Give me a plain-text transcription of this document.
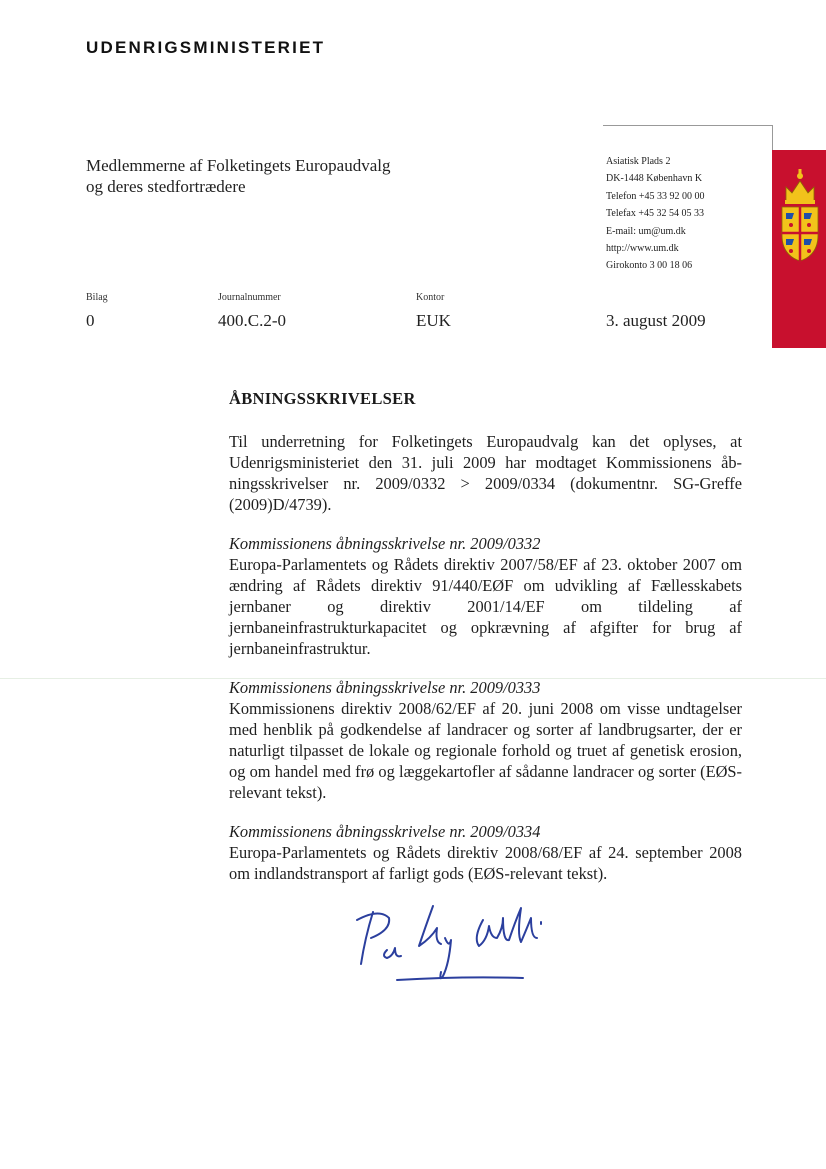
UDENRIGSMINISTERIET
Medlemmerne af Folketingets Europaudvalg
og deres stedfortrædere
Asiatisk Plads 2
DK-1448 København K
Telefon +45 33 92 00 00
Telefax +45 32 54 05 33
E-mail: um@um.dk
http://www.um.dk
Girokonto 3 00 18 06
Bilag
0
Journalnummer
400.C.2-0
Kontor
EUK	3. august 2009
ÅBNINGSSKRIVELSER
Til underretning for Folketingets Europaudvalg kan det oplyses, at Udenrigsministeriet den 31. juli 2009 har modtaget Kommissionens åb-ningsskrivelser nr. 2009/0332 > 2009/0334 (dokumentnr. SG-Greffe (2009)D/4739).
Kommissionens åbningsskrivelse nr. 2009/0332
Europa-Parlamentets og Rådets direktiv 2007/58/EF af 23. oktober 2007 om ændring af Rådets direktiv 91/440/EØF om udvikling af Fællesskabets jernbaner og direktiv 2001/14/EF om tildeling af jernbaneinfrastrukturkapacitet og opkrævning af afgifter for brug af jernbaneinfrastruktur.
Kommissionens åbningsskrivelse nr. 2009/0333
Kommissionens direktiv 2008/62/EF af 20. juni 2008 om visse undtagelser med henblik på godkendelse af landracer og sorter af landbrugsarter, der er naturligt tilpasset de lokale og regionale forhold og truet af genetisk erosion, og om handel med frø og læggekartofler af sådanne landracer og sorter (EØS-relevant tekst).
Kommissionens åbningsskrivelse nr. 2009/0334
Europa-Parlamentets og Rådets direktiv 2008/68/EF af 24. september 2008 om indlandstransport af farligt gods (EØS-relevant tekst).
